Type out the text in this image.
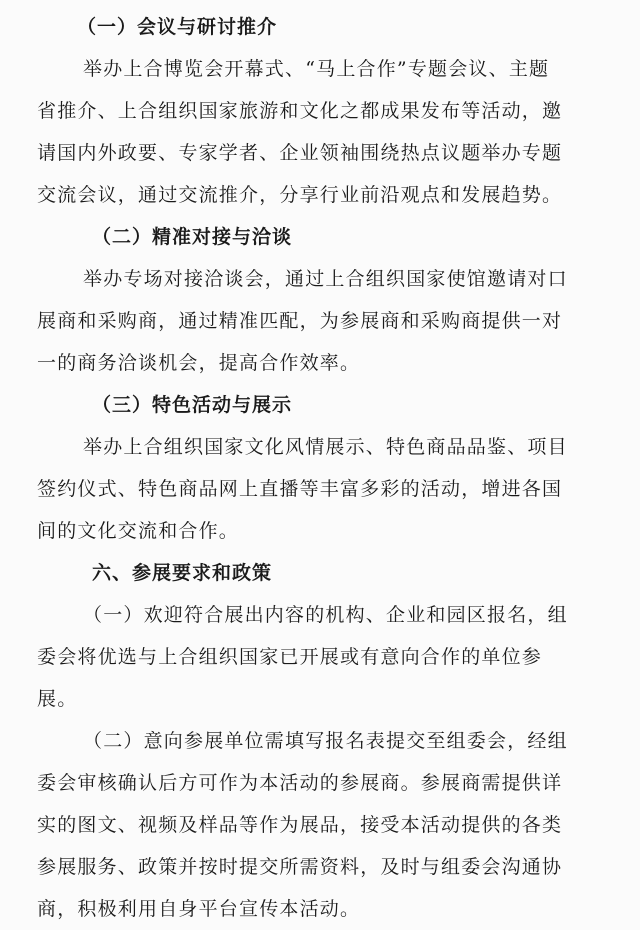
（一）会议与研讨推介

举办上合博览会开幕式、“马上合作”专题会议、主题
省推介、上合组织国家旅游和文化之都成果发布等活动，邀
请国内外政要、专家学者、企业领袖围绕热点议题举办专题
交流会议，通过交流推介，分享行业前沿观点和发展趋势。

（二）精准对接与洽谈

举办专场对接洽谈会，通过上合组织国家使馆邀请对口
展商和采购商，通过精准匹配，为参展商和采购商提供一对
一的商务洽谈机会，提高合作效率。

（三）特色活动与展示

举办上合组织国家文化风情展示、特色商品品鉴、项目
签约仪式、特色商品网上直播等丰富多彩的活动，增进各国
间的文化交流和合作。

六、参展要求和政策

（一）欢迎符合展出内容的机构、企业和园区报名，组
委会将优选与上合组织国家已开展或有意向合作的单位参
展。
（二）意向参展单位需填写报名表提交至组委会，经组
委会审核确认后方可作为本活动的参展商。参展商需提供详
实的图文、视频及样品等作为展品，接受本活动提供的各类
参展服务、政策并按时提交所需资料，及时与组委会沟通协
商，积极利用自身平台宣传本活动。
